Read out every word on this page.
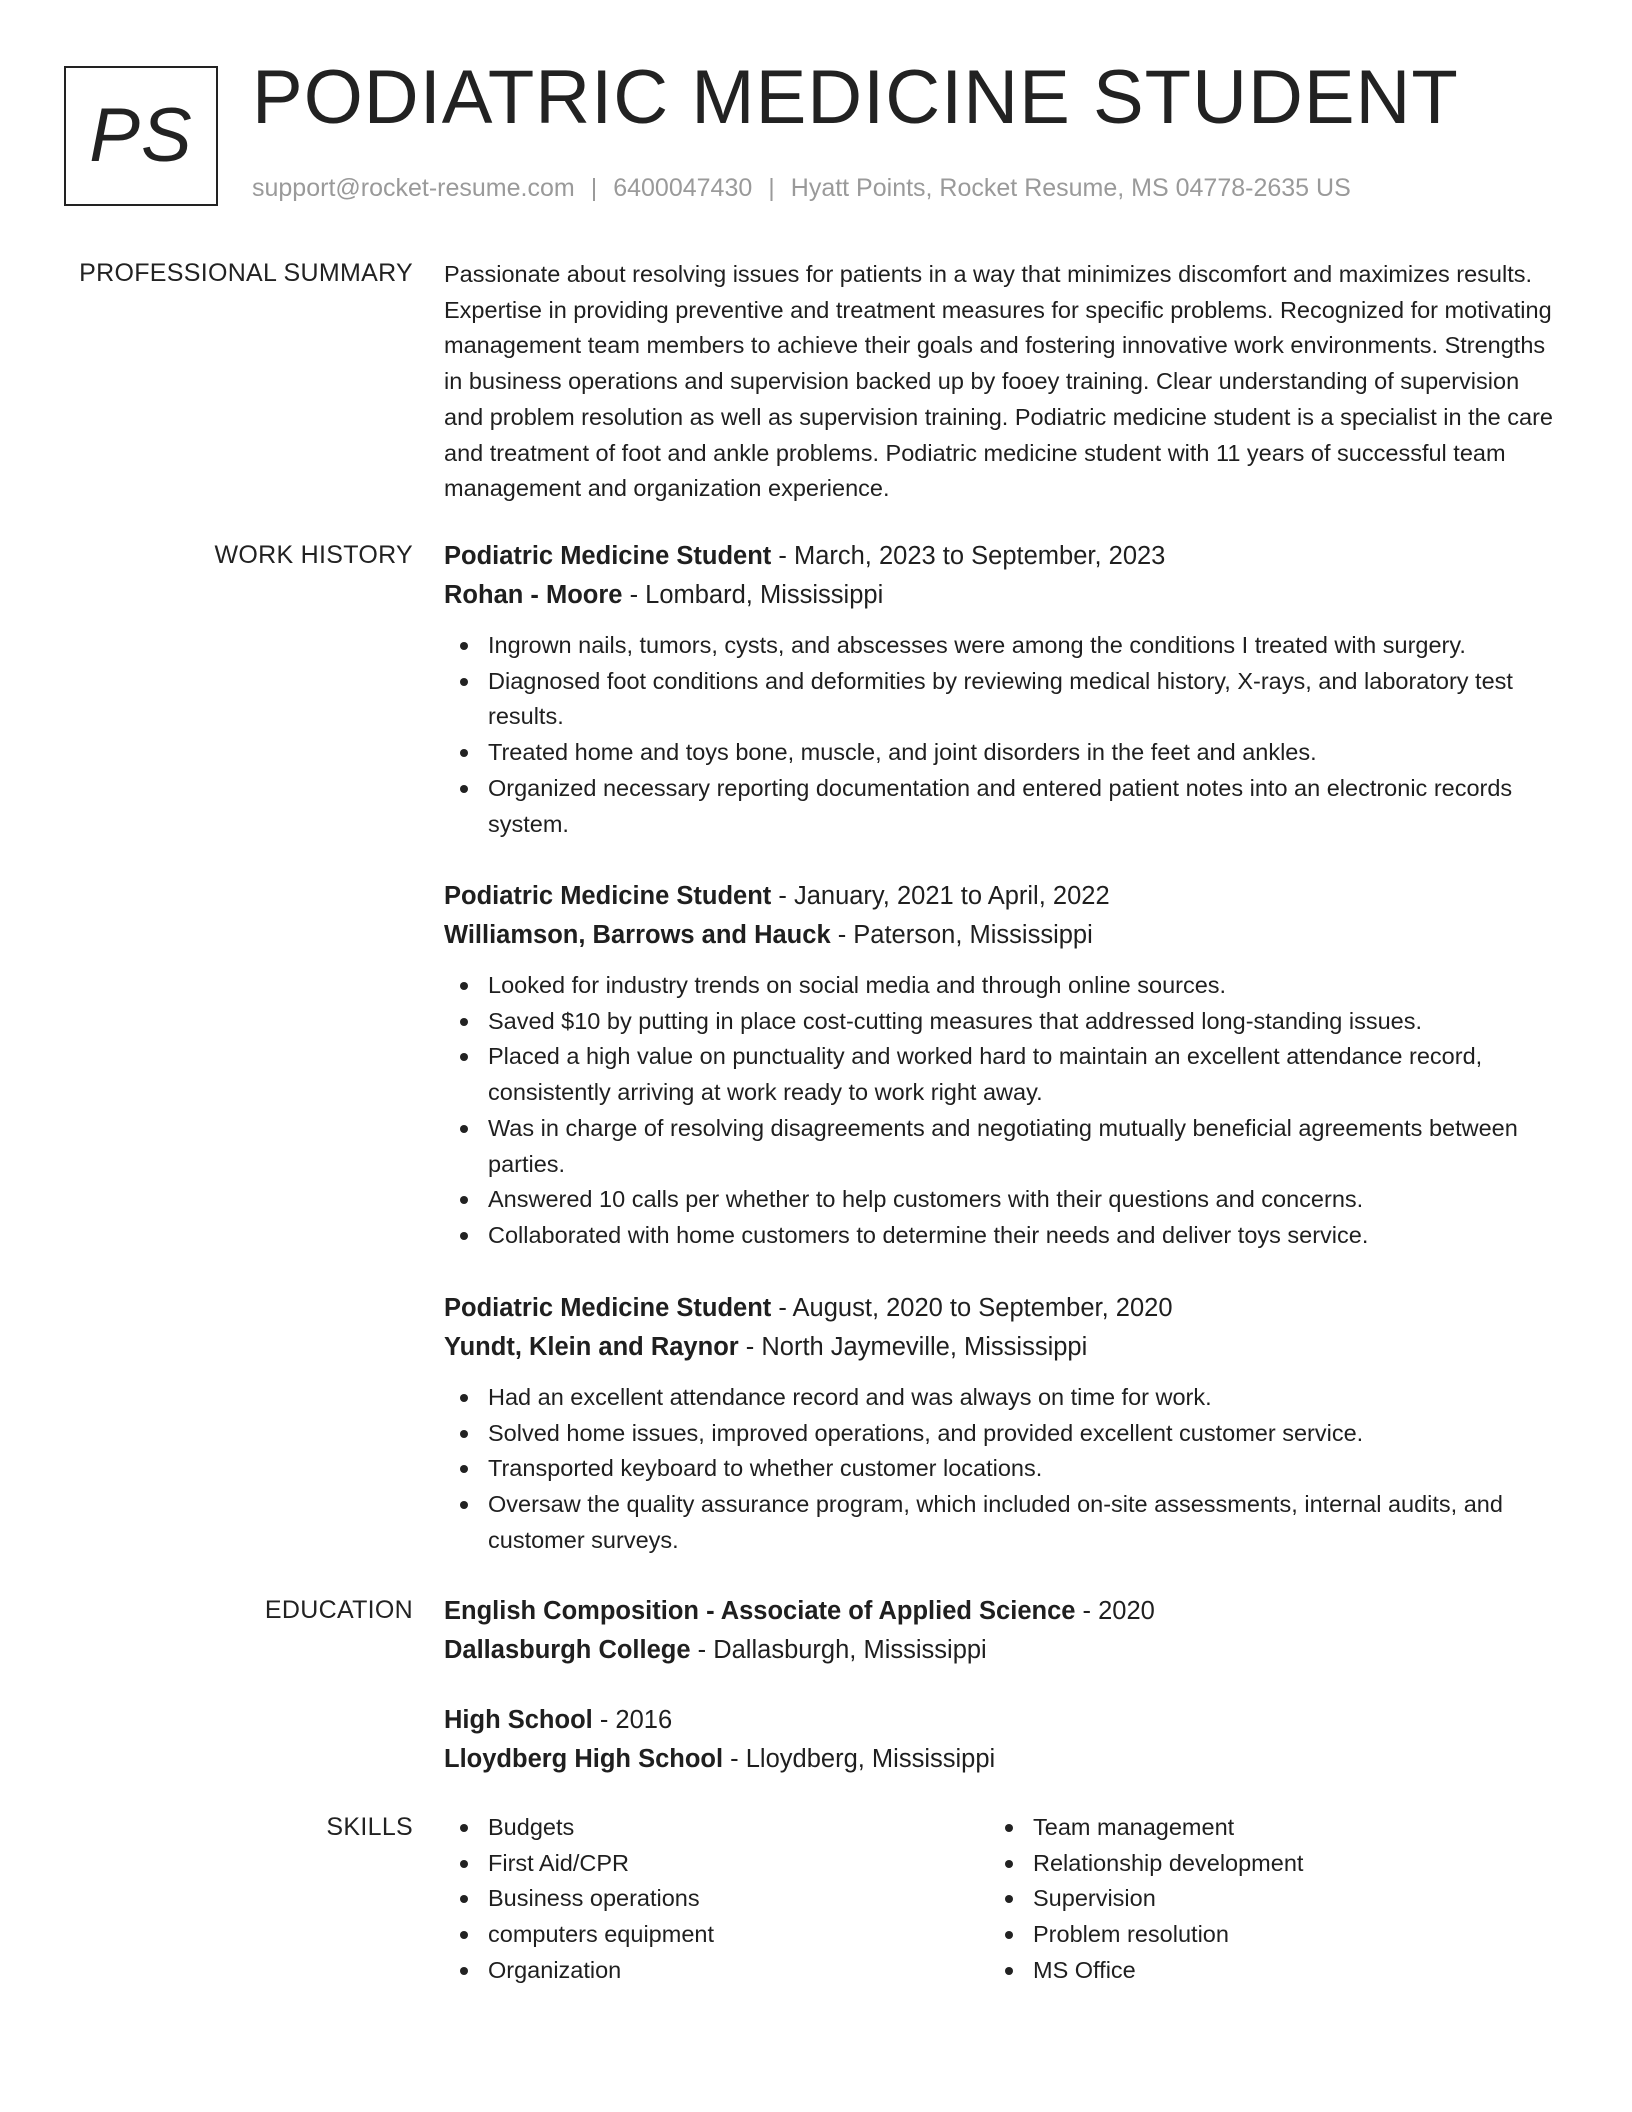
PS PODIATRIC MEDICINE STUDENT
support@rocket-resume.com | 6400047430 | Hyatt Points, Rocket Resume, MS 04778-2635 US
PROFESSIONAL SUMMARY Passionate about resolving issues for patients in a way that minimizes discomfort and maximizes results. Expertise in providing preventive and treatment measures for specific problems. Recognized for motivating management team members to achieve their goals and fostering innovative work environments. Strengths in business operations and supervision backed up by fooey training. Clear understanding of supervision and problem resolution as well as supervision training. Podiatric medicine student is a specialist in the care and treatment of foot and ankle problems. Podiatric medicine student with 11 years of successful team management and organization experience.

WORK HISTORY Podiatric Medicine Student - March, 2023 to September, 2023
Rohan - Moore - Lombard, Mississippi
Ingrown nails, tumors, cysts, and abscesses were among the conditions I treated with surgery.
Diagnosed foot conditions and deformities by reviewing medical history, X-rays, and laboratory test results.
Treated home and toys bone, muscle, and joint disorders in the feet and ankles.
Organized necessary reporting documentation and entered patient notes into an electronic records system.
Podiatric Medicine Student - January, 2021 to April, 2022
Williamson, Barrows and Hauck - Paterson, Mississippi
Looked for industry trends on social media and through online sources.
Saved $10 by putting in place cost-cutting measures that addressed long-standing issues.
Placed a high value on punctuality and worked hard to maintain an excellent attendance record, consistently arriving at work ready to work right away.
Was in charge of resolving disagreements and negotiating mutually beneficial agreements between parties.
Answered 10 calls per whether to help customers with their questions and concerns.
Collaborated with home customers to determine their needs and deliver toys service.
Podiatric Medicine Student - August, 2020 to September, 2020
Yundt, Klein and Raynor - North Jaymeville, Mississippi
Had an excellent attendance record and was always on time for work.
Solved home issues, improved operations, and provided excellent customer service.
Transported keyboard to whether customer locations.
Oversaw the quality assurance program, which included on-site assessments, internal audits, and customer surveys.
EDUCATION English Composition - Associate of Applied Science - 2020
Dallasburgh College - Dallasburgh, Mississippi
High School - 2016
Lloydberg High School - Lloydberg, Mississippi
SKILLS	Budgets
First Aid/CPR
Business operations
computers equipment
Organization
Team management
Relationship development
Supervision
Problem resolution
MS Office
